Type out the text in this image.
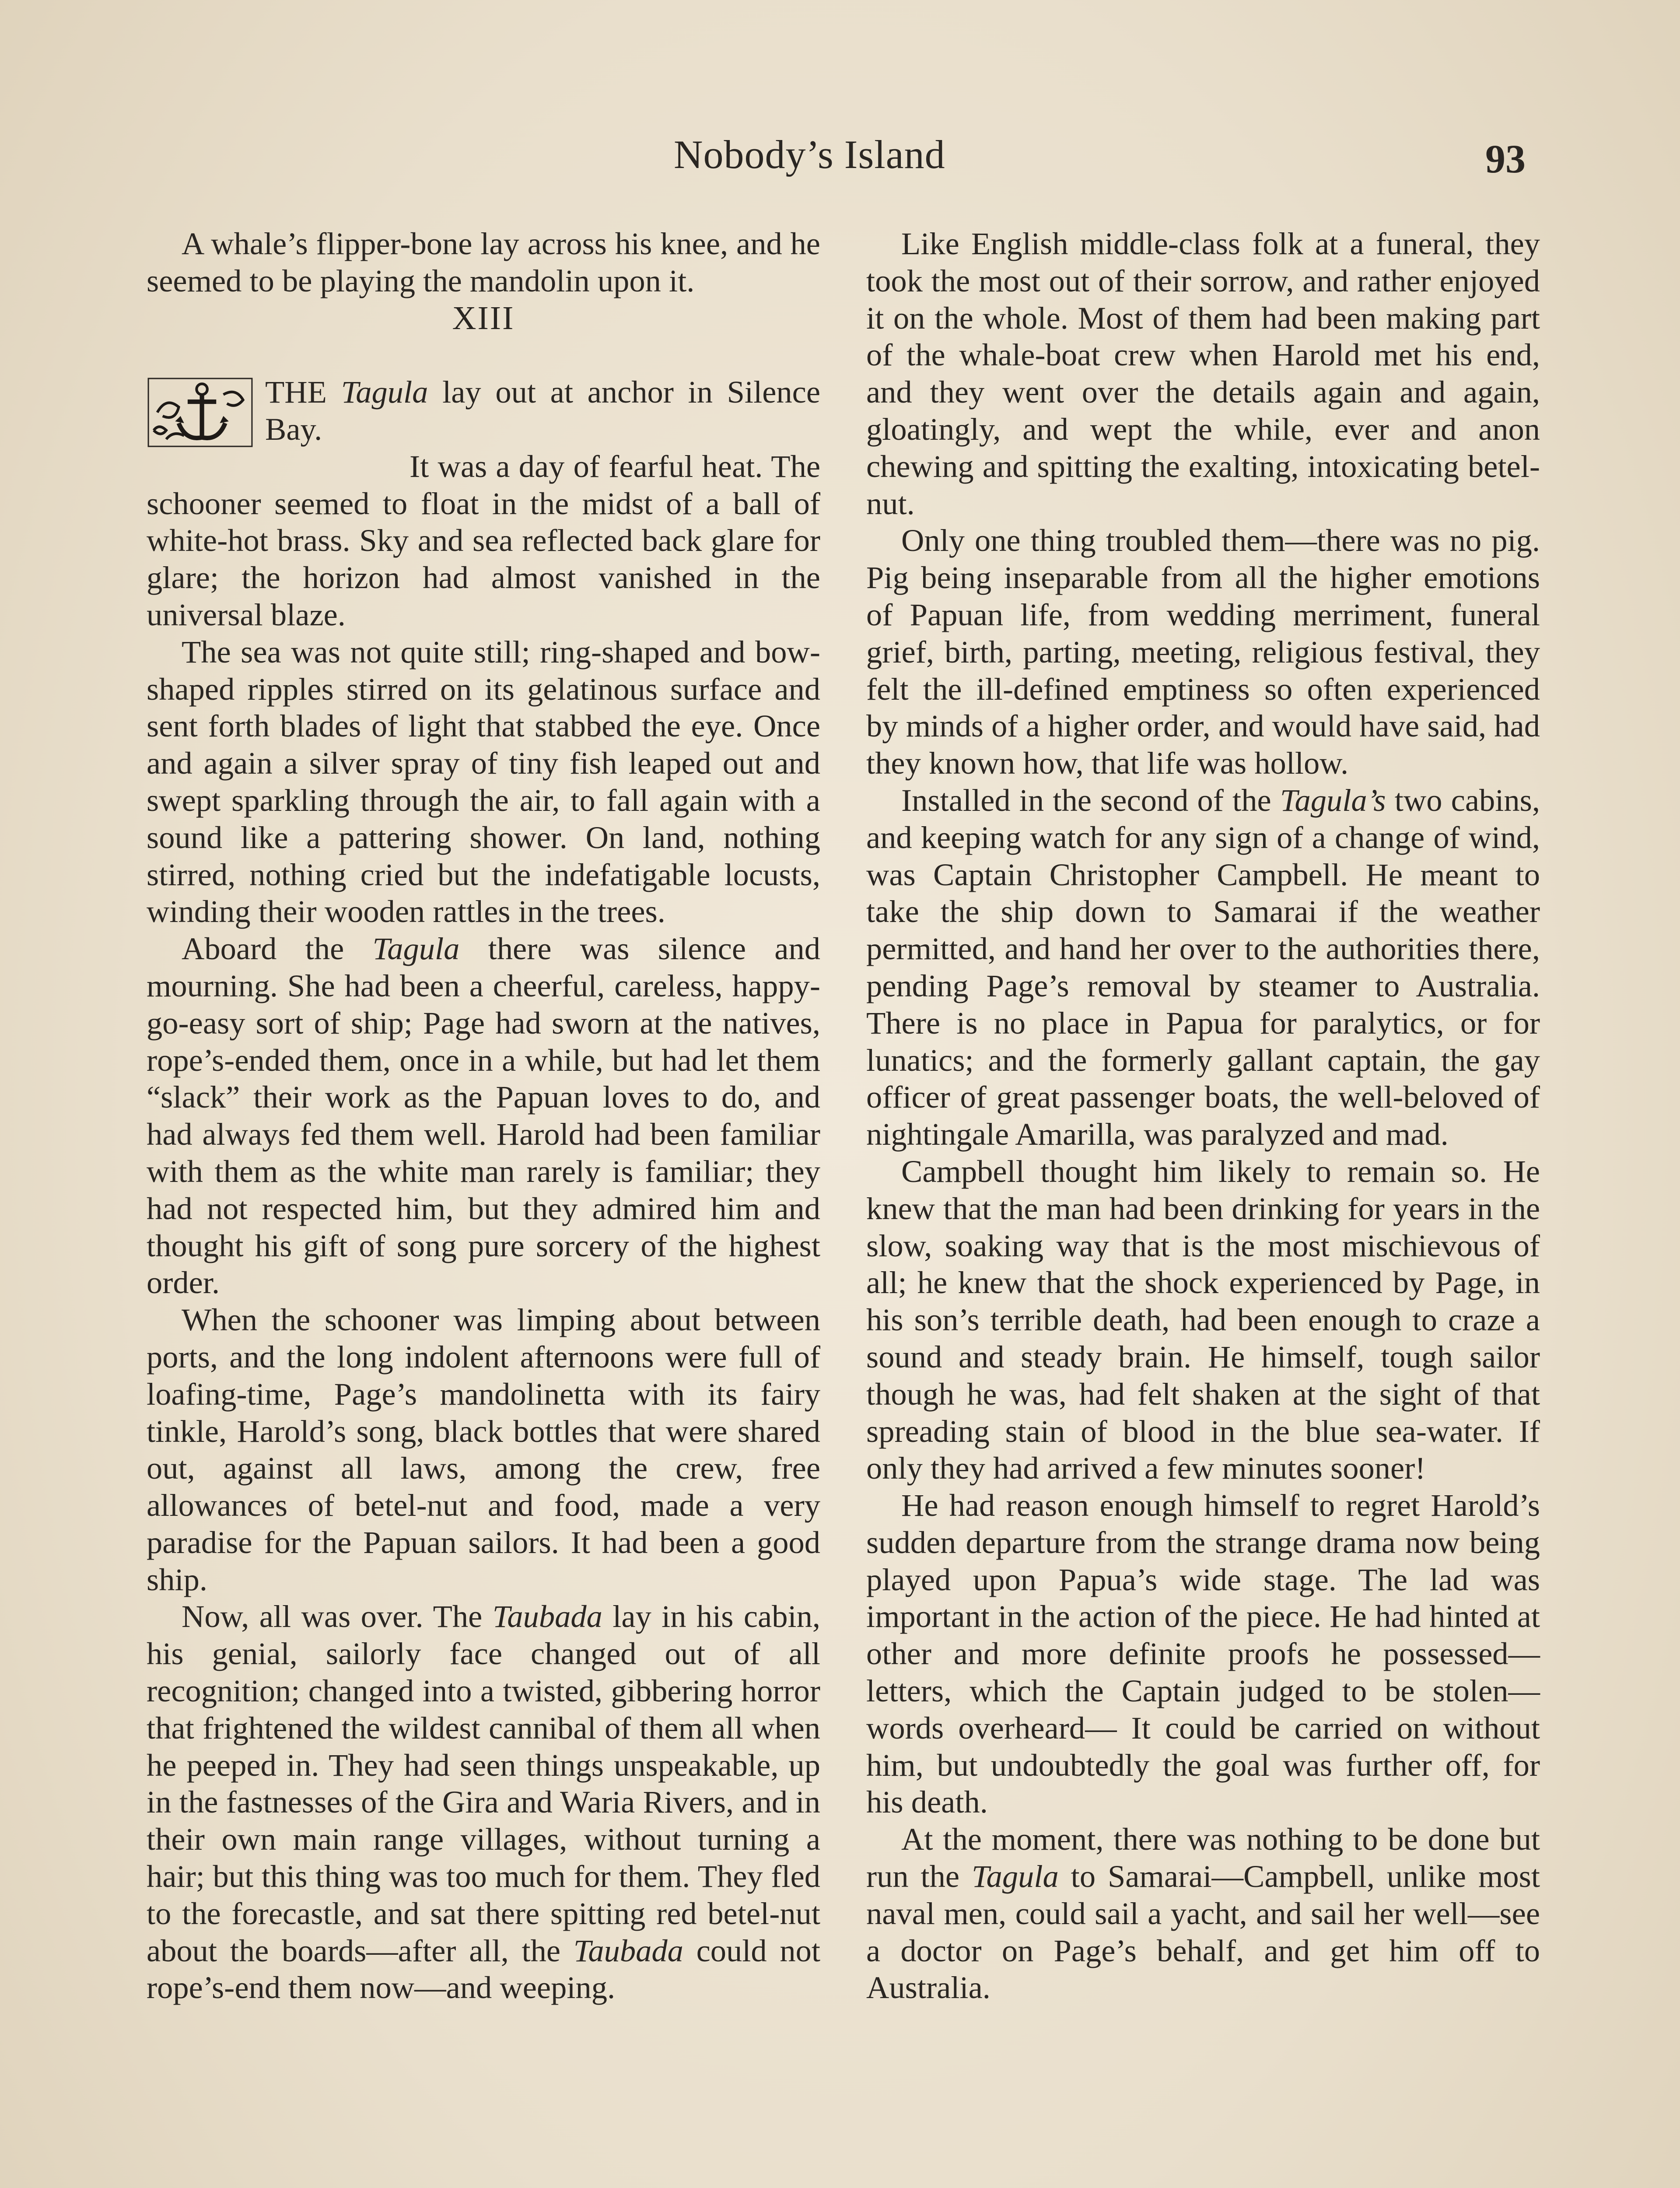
Nobody’s Island	93

A whale’s flipper-bone lay across his knee, and he seemed to be playing the mandolin upon it.

XIII

THE Tagula lay out at anchor in Silence Bay.

It was a day of fearful heat. The schooner seemed to float in the midst of a ball of white-hot brass. Sky and sea reflected back glare for glare; the horizon had almost vanished in the universal blaze.

The sea was not quite still; ring-shaped and bow-shaped ripples stirred on its gelatinous surface and sent forth blades of light that stabbed the eye. Once and again a silver spray of tiny fish leaped out and swept sparkling through the air, to fall again with a sound like a pattering shower. On land, nothing stirred, nothing cried but the indefatigable locusts, winding their wooden rattles in the trees.

Aboard the Tagula there was silence and mourning. She had been a cheerful, careless, happy-go-easy sort of ship; Page had sworn at the natives, rope’s-ended them, once in a while, but had let them “slack” their work as the Papuan loves to do, and had always fed them well. Harold had been familiar with them as the white man rarely is familiar; they had not respected him, but they admired him and thought his gift of song pure sorcery of the highest order.

When the schooner was limping about between ports, and the long indolent afternoons were full of loafing-time, Page’s mandolinetta with its fairy tinkle, Harold’s song, black bottles that were shared out, against all laws, among the crew, free allowances of betel-nut and food, made a very paradise for the Papuan sailors. It had been a good ship.

Now, all was over. The Taubada lay in his cabin, his genial, sailorly face changed out of all recognition; changed into a twisted, gibbering horror that frightened the wildest cannibal of them all when he peeped in. They had seen things unspeakable, up in the fastnesses of the Gira and Waria Rivers, and in their own main range villages, without turning a hair; but this thing was too much for them. They fled to the forecastle, and sat there spitting red betel-nut about the boards—after all, the Taubada could not rope’s-end them now—and weeping.

Like English middle-class folk at a funeral, they took the most out of their sorrow, and rather enjoyed it on the whole. Most of them had been making part of the whale-boat crew when Harold met his end, and they went over the details again and again, gloatingly, and wept the while, ever and anon chewing and spitting the exalting, intoxicating betel-nut.

Only one thing troubled them—there was no pig. Pig being inseparable from all the higher emotions of Papuan life, from wedding merriment, funeral grief, birth, parting, meeting, religious festival, they felt the ill-defined emptiness so often experienced by minds of a higher order, and would have said, had they known how, that life was hollow.

Installed in the second of the Tagula’s two cabins, and keeping watch for any sign of a change of wind, was Captain Christopher Campbell. He meant to take the ship down to Samarai if the weather permitted, and hand her over to the authorities there, pending Page’s removal by steamer to Australia. There is no place in Papua for paralytics, or for lunatics; and the formerly gallant captain, the gay officer of great passenger boats, the well-beloved of nightingale Amarilla, was paralyzed and mad.

Campbell thought him likely to remain so. He knew that the man had been drinking for years in the slow, soaking way that is the most mischievous of all; he knew that the shock experienced by Page, in his son’s terrible death, had been enough to craze a sound and steady brain. He himself, tough sailor though he was, had felt shaken at the sight of that spreading stain of blood in the blue sea-water. If only they had arrived a few minutes sooner!

He had reason enough himself to regret Harold’s sudden departure from the strange drama now being played upon Papua’s wide stage. The lad was important in the action of the piece. He had hinted at other and more definite proofs he possessed—letters, which the Captain judged to be stolen—words overheard— It could be carried on without him, but undoubtedly the goal was further off, for his death.

At the moment, there was nothing to be done but run the Tagula to Samarai—Campbell, unlike most naval men, could sail a yacht, and sail her well—see a doctor on Page’s behalf, and get him off to Australia.
